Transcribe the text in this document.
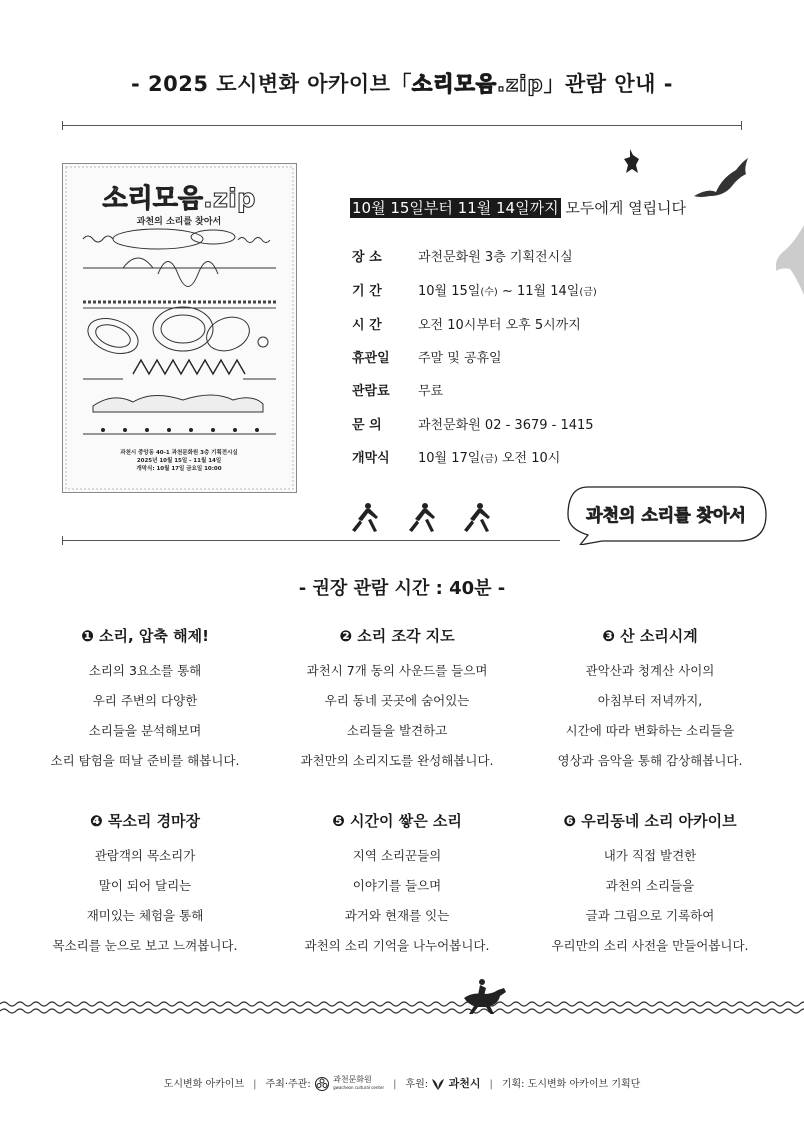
- 2025 도시변화 아카이브「소리모음.zip」관람 안내 -
소리모음.zip
과천의 소리를 찾아서
과천시 중앙동 40-1 과천문화원 3층 기획전시실
2025년 10월 15일 - 11월 14일
개막식: 10월 17일 금요일 10:00
10월 15일부터 11월 14일까지 모두에게 열립니다
장 소	과천문화원 3층 기획전시실
기 간	10월 15일(수) ~ 11월 14일(금)
시 간	오전 10시부터 오후 5시까지
휴관일	주말 및 공휴일
관람료	무료
문 의	과천문화원 02 - 3679 - 1415
개막식	10월 17일(금) 오전 10시
과천의 소리를 찾아서
- 권장 관람 시간 : 40분 -
❶ 소리, 압축 해제!
소리의 3요소를 통해
우리 주변의 다양한
소리들을 분석해보며
소리 탐험을 떠날 준비를 해봅니다.
❷ 소리 조각 지도
과천시 7개 동의 사운드를 들으며
우리 동네 곳곳에 숨어있는
소리들을 발견하고
과천만의 소리지도를 완성해봅니다.
❸ 산 소리시계
관악산과 청계산 사이의
아침부터 저녁까지,
시간에 따라 변화하는 소리들을
영상과 음악을 통해 감상해봅니다.
❹ 목소리 경마장
관람객의 목소리가
말이 되어 달리는
재미있는 체험을 통해
목소리를 눈으로 보고 느껴봅니다.
❺ 시간이 쌓은 소리
지역 소리꾼들의
이야기를 들으며
과거와 현재를 잇는
과천의 소리 기억을 나누어봅니다.
❻ 우리동네 소리 아카이브
내가 직접 발견한
과천의 소리들을
글과 그림으로 기록하여
우리만의 소리 사전을 만들어봅니다.
도시변화 아카이브 | 주최·주관:	과천문화원
gwacheon cultural center | 후원: 과천시 | 기획: 도시변화 아카이브 기획단
